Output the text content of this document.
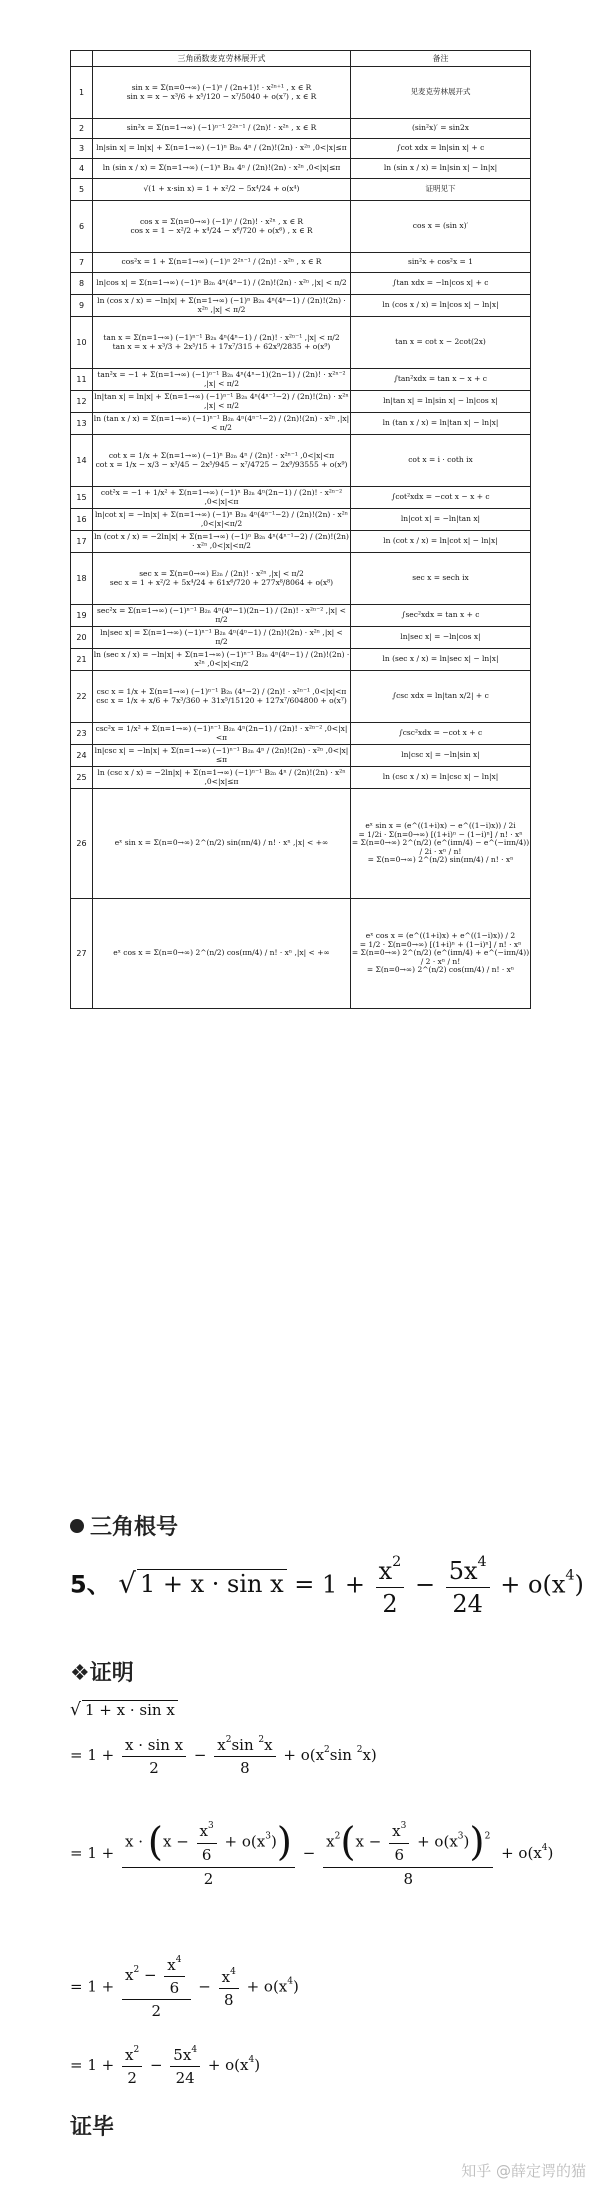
	三角函数麦克劳林展开式	备注
1	sin x = Σ(n=0→∞) (−1)ⁿ / (2n+1)! · x²ⁿ⁺¹ , x ∈ R
sin x = x − x³/6 + x⁵/120 − x⁷/5040 + o(x⁷) , x ∈ R	见麦克劳林展开式
2	sin²x = Σ(n=1→∞) (−1)ⁿ⁻¹ 2²ⁿ⁻¹ / (2n)! · x²ⁿ , x ∈ R	(sin²x)′ = sin2x
3	ln|sin x| = ln|x| + Σ(n=1→∞) (−1)ⁿ B₂ₙ 4ⁿ / (2n)!(2n) · x²ⁿ ,0<|x|≤π	∫cot xdx = ln|sin x| + c
4	ln (sin x / x) = Σ(n=1→∞) (−1)ⁿ B₂ₙ 4ⁿ / (2n)!(2n) · x²ⁿ ,0<|x|≤π	ln (sin x / x) = ln|sin x| − ln|x|
5	√(1 + x·sin x) = 1 + x²/2 − 5x⁴/24 + o(x⁴)	证明见下
6	cos x = Σ(n=0→∞) (−1)ⁿ / (2n)! · x²ⁿ , x ∈ R
cos x = 1 − x²/2 + x⁴/24 − x⁶/720 + o(x⁶) , x ∈ R	cos x = (sin x)′
7	cos²x = 1 + Σ(n=1→∞) (−1)ⁿ 2²ⁿ⁻¹ / (2n)! · x²ⁿ , x ∈ R	sin²x + cos²x = 1
8	ln|cos x| = Σ(n=1→∞) (−1)ⁿ B₂ₙ 4ⁿ(4ⁿ−1) / (2n)!(2n) · x²ⁿ ,|x| < π/2	∫tan xdx = −ln|cos x| + c
9	ln (cos x / x) = −ln|x| + Σ(n=1→∞) (−1)ⁿ B₂ₙ 4ⁿ(4ⁿ−1) / (2n)!(2n) · x²ⁿ ,|x| < π/2	ln (cos x / x) = ln|cos x| − ln|x|
10	tan x = Σ(n=1→∞) (−1)ⁿ⁻¹ B₂ₙ 4ⁿ(4ⁿ−1) / (2n)! · x²ⁿ⁻¹ ,|x| < π/2
tan x = x + x³/3 + 2x⁵/15 + 17x⁷/315 + 62x⁹/2835 + o(x⁹)	tan x = cot x − 2cot(2x)
11	tan²x = −1 + Σ(n=1→∞) (−1)ⁿ⁻¹ B₂ₙ 4ⁿ(4ⁿ−1)(2n−1) / (2n)! · x²ⁿ⁻² ,|x| < π/2	∫tan²xdx = tan x − x + c
12	ln|tan x| = ln|x| + Σ(n=1→∞) (−1)ⁿ⁻¹ B₂ₙ 4ⁿ(4ⁿ⁻¹−2) / (2n)!(2n) · x²ⁿ ,|x| < π/2	ln|tan x| = ln|sin x| − ln|cos x|
13	ln (tan x / x) = Σ(n=1→∞) (−1)ⁿ⁻¹ B₂ₙ 4ⁿ(4ⁿ⁻¹−2) / (2n)!(2n) · x²ⁿ ,|x| < π/2	ln (tan x / x) = ln|tan x| − ln|x|
14	cot x = 1/x + Σ(n=1→∞) (−1)ⁿ B₂ₙ 4ⁿ / (2n)! · x²ⁿ⁻¹ ,0<|x|<π
cot x = 1/x − x/3 − x³/45 − 2x⁵/945 − x⁷/4725 − 2x⁹/93555 + o(x⁹)	cot x = i · coth ix
15	cot²x = −1 + 1/x² + Σ(n=1→∞) (−1)ⁿ B₂ₙ 4ⁿ(2n−1) / (2n)! · x²ⁿ⁻² ,0<|x|<π	∫cot²xdx = −cot x − x + c
16	ln|cot x| = −ln|x| + Σ(n=1→∞) (−1)ⁿ B₂ₙ 4ⁿ(4ⁿ⁻¹−2) / (2n)!(2n) · x²ⁿ ,0<|x|<π/2	ln|cot x| = −ln|tan x|
17	ln (cot x / x) = −2ln|x| + Σ(n=1→∞) (−1)ⁿ B₂ₙ 4ⁿ(4ⁿ⁻¹−2) / (2n)!(2n) · x²ⁿ ,0<|x|<π/2	ln (cot x / x) = ln|cot x| − ln|x|
18	sec x = Σ(n=0→∞) E₂ₙ / (2n)! · x²ⁿ ,|x| < π/2
sec x = 1 + x²/2 + 5x⁴/24 + 61x⁶/720 + 277x⁸/8064 + o(x⁸)	sec x = sech ix
19	sec²x = Σ(n=1→∞) (−1)ⁿ⁻¹ B₂ₙ 4ⁿ(4ⁿ−1)(2n−1) / (2n)! · x²ⁿ⁻² ,|x| < π/2	∫sec²xdx = tan x + c
20	ln|sec x| = Σ(n=1→∞) (−1)ⁿ⁻¹ B₂ₙ 4ⁿ(4ⁿ−1) / (2n)!(2n) · x²ⁿ ,|x| < π/2	ln|sec x| = −ln|cos x|
21	ln (sec x / x) = −ln|x| + Σ(n=1→∞) (−1)ⁿ⁻¹ B₂ₙ 4ⁿ(4ⁿ−1) / (2n)!(2n) · x²ⁿ ,0<|x|<π/2	ln (sec x / x) = ln|sec x| − ln|x|
22	csc x = 1/x + Σ(n=1→∞) (−1)ⁿ⁻¹ B₂ₙ (4ⁿ−2) / (2n)! · x²ⁿ⁻¹ ,0<|x|<π
csc x = 1/x + x/6 + 7x³/360 + 31x⁵/15120 + 127x⁷/604800 + o(x⁷)	∫csc xdx = ln|tan x/2| + c
23	csc²x = 1/x² + Σ(n=1→∞) (−1)ⁿ⁻¹ B₂ₙ 4ⁿ(2n−1) / (2n)! · x²ⁿ⁻² ,0<|x|<π	∫csc²xdx = −cot x + c
24	ln|csc x| = −ln|x| + Σ(n=1→∞) (−1)ⁿ⁻¹ B₂ₙ 4ⁿ / (2n)!(2n) · x²ⁿ ,0<|x|≤π	ln|csc x| = −ln|sin x|
25	ln (csc x / x) = −2ln|x| + Σ(n=1→∞) (−1)ⁿ⁻¹ B₂ₙ 4ⁿ / (2n)!(2n) · x²ⁿ ,0<|x|≤π	ln (csc x / x) = ln|csc x| − ln|x|
26	eˣ sin x = Σ(n=0→∞) 2^(n/2) sin(πn/4) / n! · xⁿ ,|x| < +∞	eˣ sin x = (e^((1+i)x) − e^((1−i)x)) / 2i
= 1/2i · Σ(n=0→∞) [(1+i)ⁿ − (1−i)ⁿ] / n! · xⁿ
= Σ(n=0→∞) 2^(n/2) (e^(iπn/4) − e^(−iπn/4)) / 2i · xⁿ / n!
= Σ(n=0→∞) 2^(n/2) sin(πn/4) / n! · xⁿ
27	eˣ cos x = Σ(n=0→∞) 2^(n/2) cos(πn/4) / n! · xⁿ ,|x| < +∞	eˣ cos x = (e^((1+i)x) + e^((1−i)x)) / 2
= 1/2 · Σ(n=0→∞) [(1+i)ⁿ + (1−i)ⁿ] / n! · xⁿ
= Σ(n=0→∞) 2^(n/2) (e^(iπn/4) + e^(−iπn/4)) / 2 · xⁿ / n!
= Σ(n=0→∞) 2^(n/2) cos(πn/4) / n! · xⁿ
三角根号
5、 √ $1 + x \cdot \sin x = 1 + \frac{x^2}{2} - \frac{5x^4}{24} + o(x^4)$
❖证明
√ 1 + x · sin x
= $1 + \frac{\text{x · sin x}}{2} - \frac{x^2\sin ^2x}{8} + o(x^2\sin$ $^2$x)
= $1 + \frac{x \cdot (x - \frac{x^3}{6} + o(x^3))}{2} - \frac{x^2(x - \frac{x^3}{6} + o(x^3))^2}{8} + o(x^4)$
= $1 + \frac{x^2 - \frac{x^4}{6}}{2} - \frac{x^4}{8} + o(x^4)$
= $1 + \frac{x^2}{2} - \frac{5x^4}{24} + o(x^4)$
证毕
知乎 @薛定谔的猫
